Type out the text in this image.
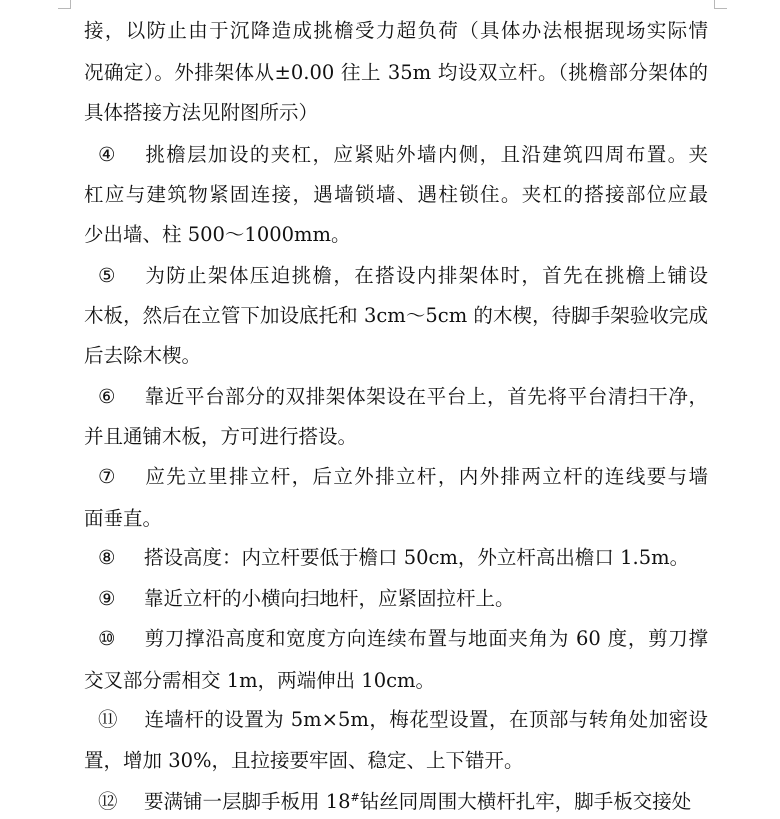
接，以防止由于沉降造成挑檐受力超负荷（具体办法根据现场实际情
况确定）。外排架体从±0.00 往上 35m 均设双立杆。（挑檐部分架体的
具体搭接方法见附图所示）
④ 挑檐层加设的夹杠，应紧贴外墙内侧，且沿建筑四周布置。夹
杠应与建筑物紧固连接，遇墙锁墙、遇柱锁住。夹杠的搭接部位应最
少出墙、柱 500～1000mm。
⑤ 为防止架体压迫挑檐，在搭设内排架体时，首先在挑檐上铺设
木板，然后在立管下加设底托和 3cm～5cm 的木楔，待脚手架验收完成
后去除木楔。
⑥ 靠近平台部分的双排架体架设在平台上，首先将平台清扫干净，
并且通铺木板，方可进行搭设。
⑦ 应先立里排立杆，后立外排立杆，内外排两立杆的连线要与墙
面垂直。
⑧ 搭设高度：内立杆要低于檐口 50cm，外立杆高出檐口 1.5m。
⑨ 靠近立杆的小横向扫地杆，应紧固拉杆上。
⑩ 剪刀撑沿高度和宽度方向连续布置与地面夹角为 60 度，剪刀撑
交叉部分需相交 1m，两端伸出 10cm。
⑪ 连墙杆的设置为 5m×5m，梅花型设置，在顶部与转角处加密设
置，增加 30%，且拉接要牢固、稳定、上下错开。
⑫ 要满铺一层脚手板用 18#钻丝同周围大横杆扎牢，脚手板交接处
